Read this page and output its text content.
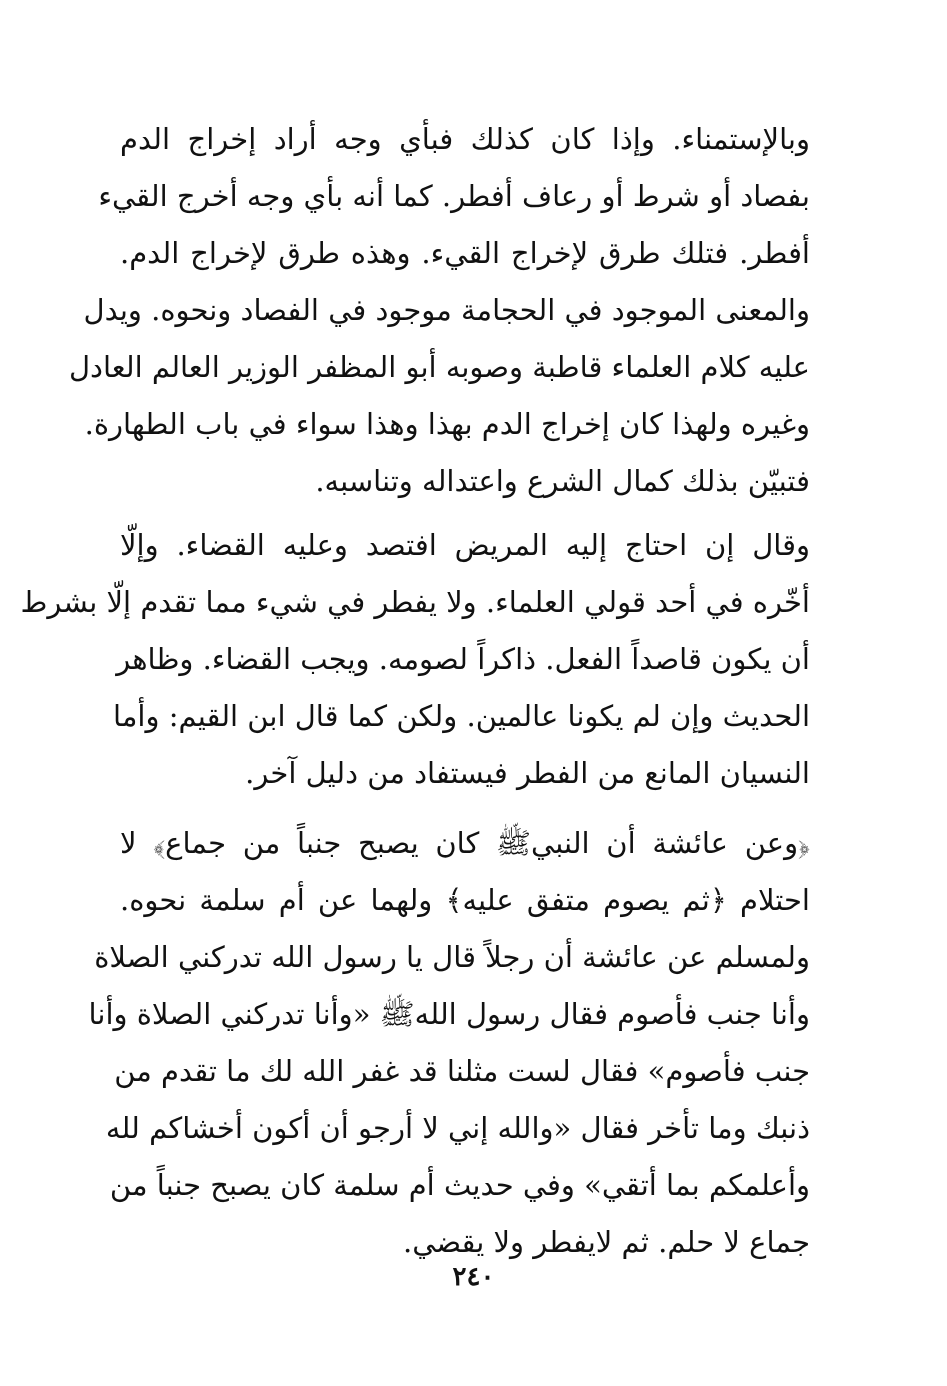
وبالإستمناء. وإذا كان كذلك فبأي وجه أراد إخراج الدم
بفصاد أو شرط أو رعاف أفطر. كما أنه بأي وجه أخرج القيء
أفطر. فتلك طرق لإخراج القيء. وهذه طرق لإخراج الدم.
والمعنى الموجود في الحجامة موجود في الفصاد ونحوه. ويدل
عليه كلام العلماء قاطبة وصوبه أبو المظفر الوزير العالم العادل
وغيره ولهذا كان إخراج الدم بهذا وهذا سواء في باب الطهارة.
فتبيّن بذلك كمال الشرع واعتداله وتناسبه.
وقال إن احتاج إليه المريض افتصد وعليه القضاء. وإلّا
أخّره في أحد قولي العلماء. ولا يفطر في شيء مما تقدم إلّا بشرط
أن يكون قاصداً الفعل. ذاكراً لصومه. ويجب القضاء. وظاهر
الحديث وإن لم يكونا عالمين. ولكن كما قال ابن القيم: وأما
النسيان المانع من الفطر فيستفاد من دليل آخر.
﴿وعن عائشة أن النبيﷺ كان يصبح جنباً من جماع﴾ لا
احتلام ﴿ثم يصوم متفق عليه﴾ ولهما عن أم سلمة نحوه.
ولمسلم عن عائشة أن رجلاً قال يا رسول الله تدركني الصلاة
وأنا جنب فأصوم فقال رسول اللهﷺ «وأنا تدركني الصلاة وأنا
جنب فأصوم» فقال لست مثلنا قد غفر الله لك ما تقدم من
ذنبك وما تأخر فقال «والله إني لا أرجو أن أكون أخشاكم لله
وأعلمكم بما أتقي» وفي حديث أم سلمة كان يصبح جنباً من
جماع لا حلم. ثم لايفطر ولا يقضي.
٢٤٠
